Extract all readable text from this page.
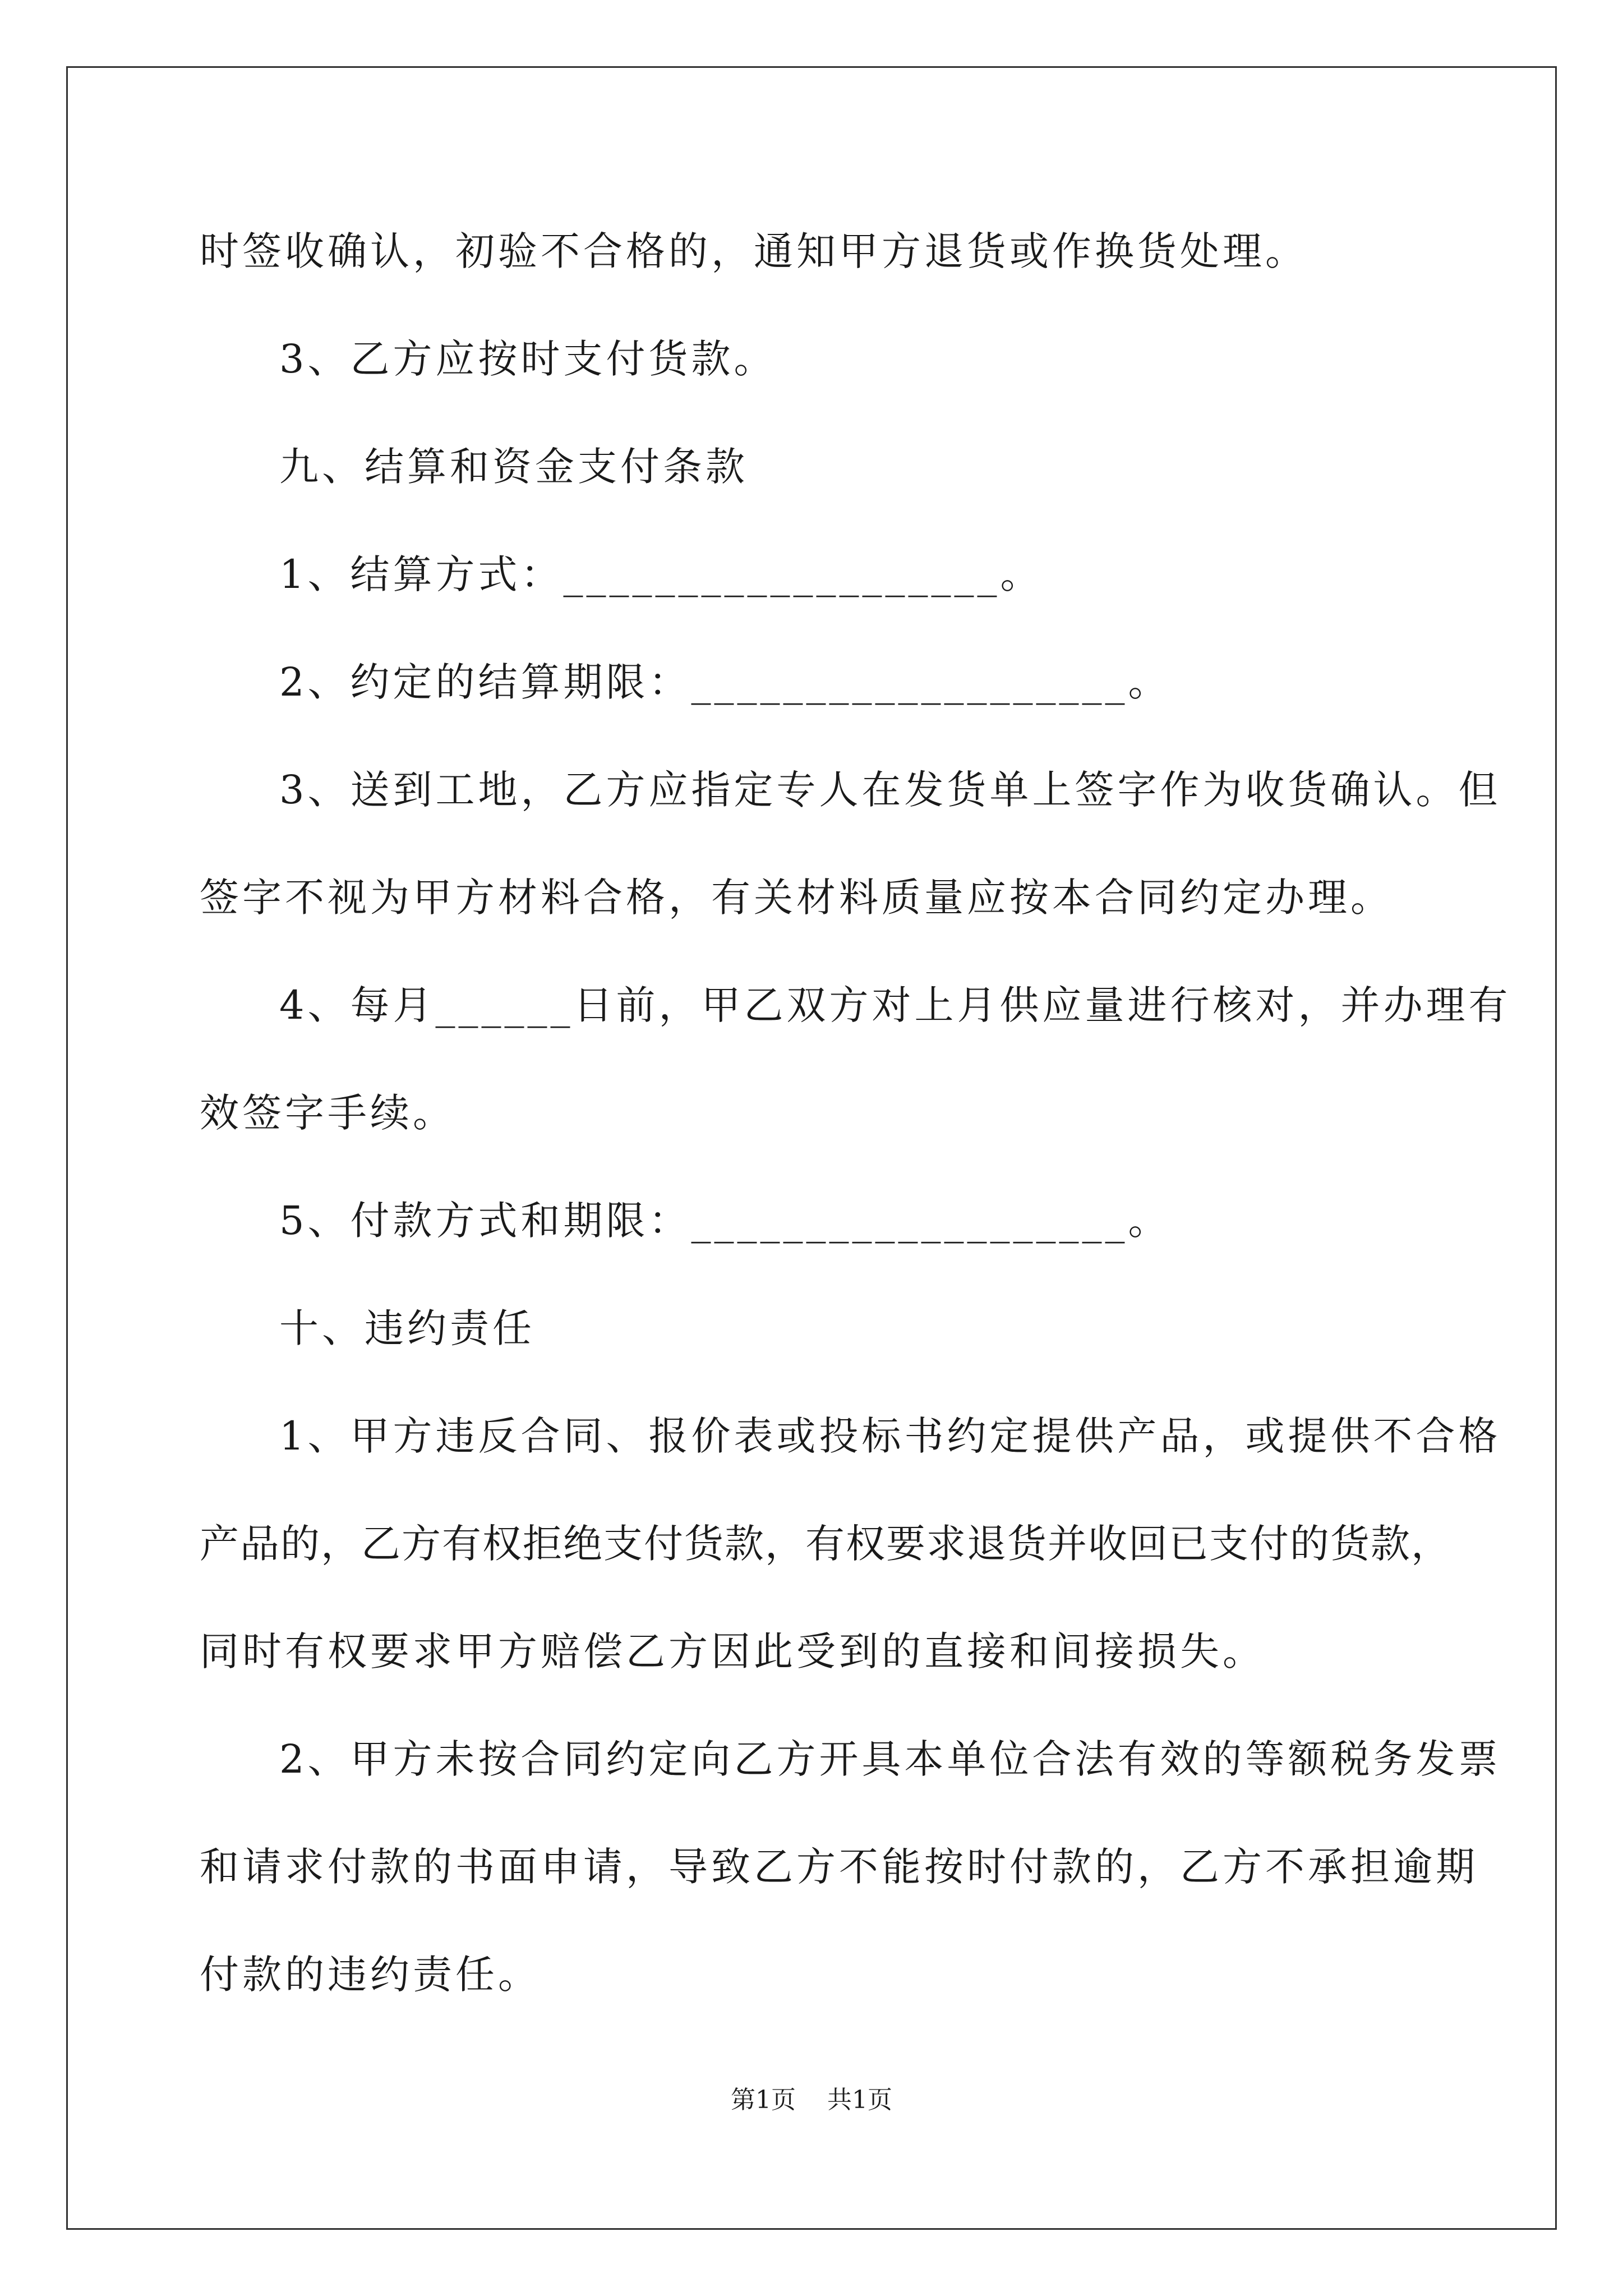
时签收确认，初验不合格的，通知甲方退货或作换货处理。
3、乙方应按时支付货款。
九、结算和资金支付条款
1、结算方式：___________________。
2、约定的结算期限：___________________。
3、送到工地，乙方应指定专人在发货单上签字作为收货确认。但
签字不视为甲方材料合格，有关材料质量应按本合同约定办理。
4、每月______日前，甲乙双方对上月供应量进行核对，并办理有
效签字手续。
5、付款方式和期限：___________________。
十、违约责任
1、甲方违反合同、报价表或投标书约定提供产品，或提供不合格
产品的，乙方有权拒绝支付货款，有权要求退货并收回已支付的货款，
同时有权要求甲方赔偿乙方因此受到的直接和间接损失。
2、甲方未按合同约定向乙方开具本单位合法有效的等额税务发票
和请求付款的书面申请，导致乙方不能按时付款的，乙方不承担逾期
付款的违约责任。
第1页    共1页
